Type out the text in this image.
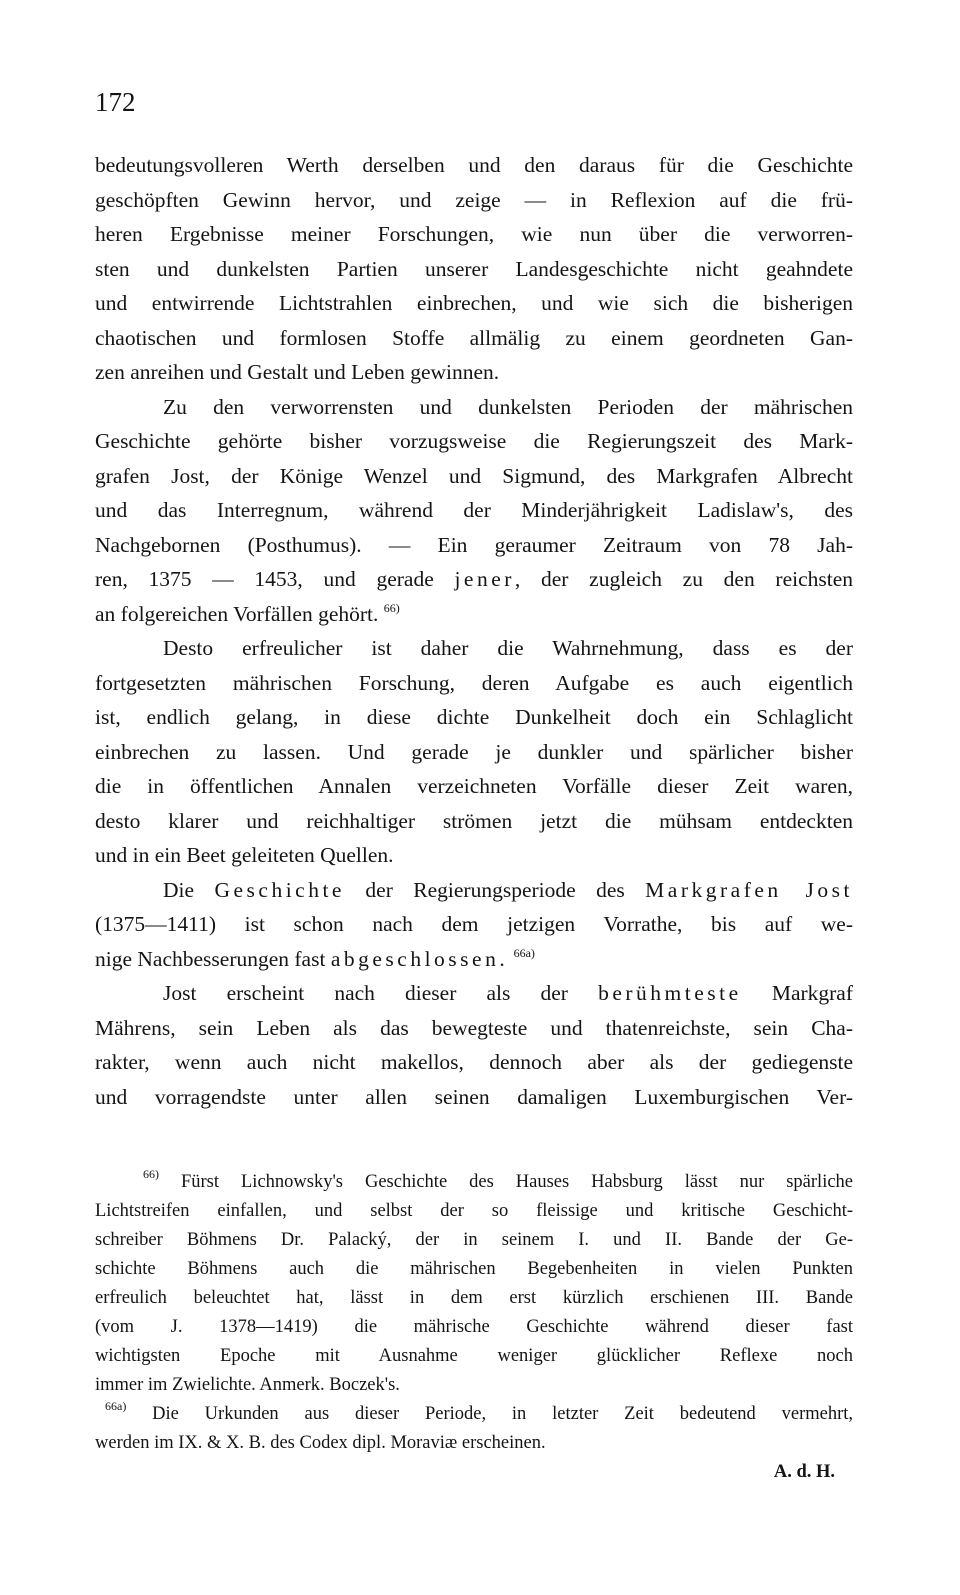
172
bedeutungsvolleren Werth derselben und den daraus für die Geschichte
geschöpften Gewinn hervor, und zeige — in Reflexion auf die frü-
heren Ergebnisse meiner Forschungen, wie nun über die verworren-
sten und dunkelsten Partien unserer Landesgeschichte nicht geahndete
und entwirrende Lichtstrahlen einbrechen, und wie sich die bisherigen
chaotischen und formlosen Stoffe allmälig zu einem geordneten Gan-
zen anreihen und Gestalt und Leben gewinnen.
Zu den verworrensten und dunkelsten Perioden der mährischen
Geschichte gehörte bisher vorzugsweise die Regierungszeit des Mark-
grafen Jost, der Könige Wenzel und Sigmund, des Markgrafen Albrecht
und das Interregnum, während der Minderjährigkeit Ladislaw's, des
Nachgebornen (Posthumus). — Ein geraumer Zeitraum von 78 Jah-
ren, 1375 — 1453, und gerade jener, der zugleich zu den reichsten
an folgereichen Vorfällen gehört. $^{66)}$
Desto erfreulicher ist daher die Wahrnehmung, dass es der
fortgesetzten mährischen Forschung, deren Aufgabe es auch eigentlich
ist, endlich gelang, in diese dichte Dunkelheit doch ein Schlaglicht
einbrechen zu lassen. Und gerade je dunkler und spärlicher bisher
die in öffentlichen Annalen verzeichneten Vorfälle dieser Zeit waren,
desto klarer und reichhaltiger strömen jetzt die mühsam entdeckten
und in ein Beet geleiteten Quellen.
Die Geschichte der Regierungsperiode des Markgrafen Jost
(1375—1411) ist schon nach dem jetzigen Vorrathe, bis auf we-
nige Nachbesserungen fast abgeschlossen. $^{66a)}$
Jost erscheint nach dieser als der berühmteste Markgraf
Mährens, sein Leben als das bewegteste und thatenreichste, sein Cha-
rakter, wenn auch nicht makellos, dennoch aber als der gediegenste
und vorragendste unter allen seinen damaligen Luxemburgischen Ver-
$^{66)}$ Fürst Lichnowsky's Geschichte des Hauses Habsburg lässt nur spärliche
Lichtstreifen einfallen, und selbst der so fleissige und kritische Geschicht-
schreiber Böhmens Dr. Palacký, der in seinem I. und II. Bande der Ge-
schichte Böhmens auch die mährischen Begebenheiten in vielen Punkten
erfreulich beleuchtet hat, lässt in dem erst kürzlich erschienen III. Bande
(vom J. 1378—1419) die mährische Geschichte während dieser fast
wichtigsten Epoche mit Ausnahme weniger glücklicher Reflexe noch
immer im Zwielichte. Anmerk. Boczek's.
$^{66a)}$ Die Urkunden aus dieser Periode, in letzter Zeit bedeutend vermehrt,
werden im IX. & X. B. des Codex dipl. Moraviæ erscheinen.
A. d. H.
